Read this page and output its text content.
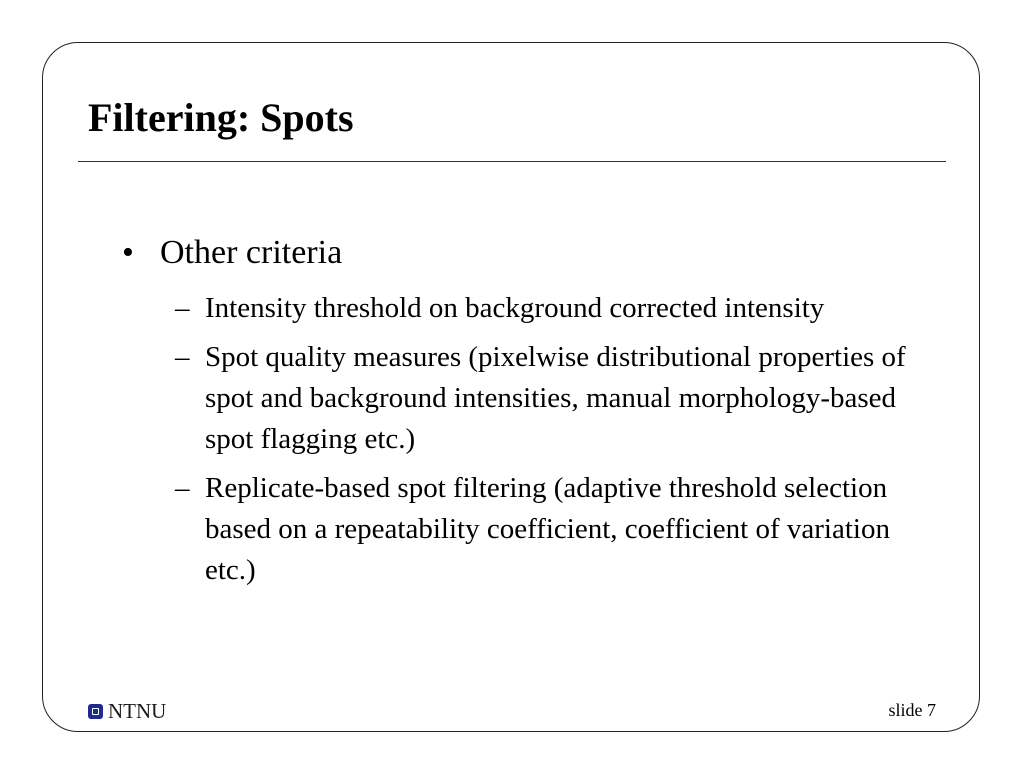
Filtering: Spots
• Other criteria
– Intensity threshold on background corrected intensity
– Spot quality measures (pixelwise distributional properties of spot and background intensities, manual morphology-based spot flagging etc.)
– Replicate-based spot filtering (adaptive threshold selection based on a repeatability coefficient, coefficient of variation etc.)
NTNU	slide 7
